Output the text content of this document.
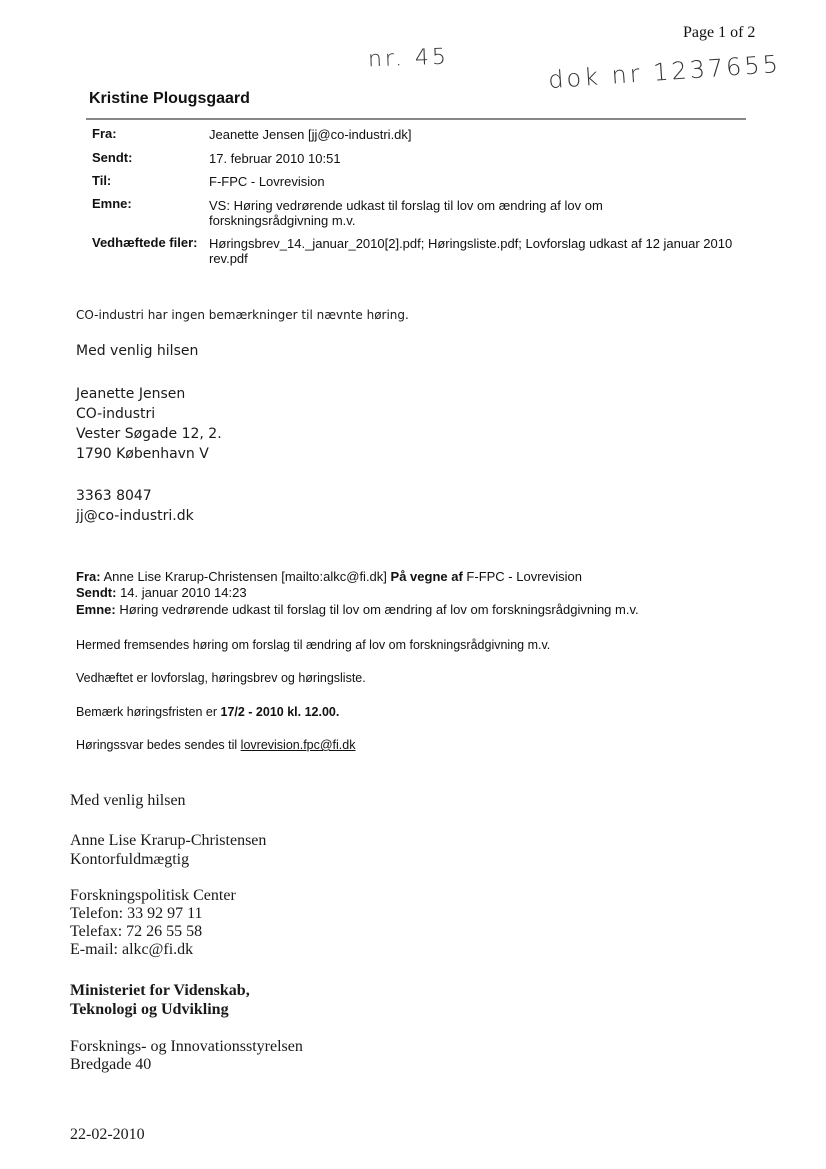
Page 1 of 2
nr. 45	dok nr 1237655
Kristine Plougsgaard
Fra:	Jeanette Jensen [jj@co-industri.dk]
Sendt:	17. februar 2010 10:51
Til:	F-FPC - Lovrevision
Emne:	VS: Høring vedrørende udkast til forslag til lov om ændring af lov om forskningsrådgivning m.v.
Vedhæftede filer: Høringsbrev_14._januar_2010[2].pdf; Høringsliste.pdf; Lovforslag udkast af 12 januar 2010 rev.pdf
CO-industri har ingen bemærkninger til nævnte høring.
Med venlig hilsen
Jeanette Jensen
CO-industri
Vester Søgade 12, 2.
1790 København V
3363 8047
jj@co-industri.dk
Fra: Anne Lise Krarup-Christensen [mailto:alkc@fi.dk] På vegne af F-FPC - Lovrevision
Sendt: 14. januar 2010 14:23
Emne: Høring vedrørende udkast til forslag til lov om ændring af lov om forskningsrådgivning m.v.
Hermed fremsendes høring om forslag til ændring af lov om forskningsrådgivning m.v.
Vedhæftet er lovforslag, høringsbrev og høringsliste.
Bemærk høringsfristen er 17/2 - 2010 kl. 12.00.
Høringssvar bedes sendes til lovrevision.fpc@fi.dk
Med venlig hilsen
Anne Lise Krarup-Christensen
Kontorfuldmægtig
Forskningspolitisk Center
Telefon: 33 92 97 11
Telefax: 72 26 55 58
E-mail: alkc@fi.dk
Ministeriet for Videnskab,
Teknologi og Udvikling
Forsknings- og Innovationsstyrelsen
Bredgade 40
22-02-2010
